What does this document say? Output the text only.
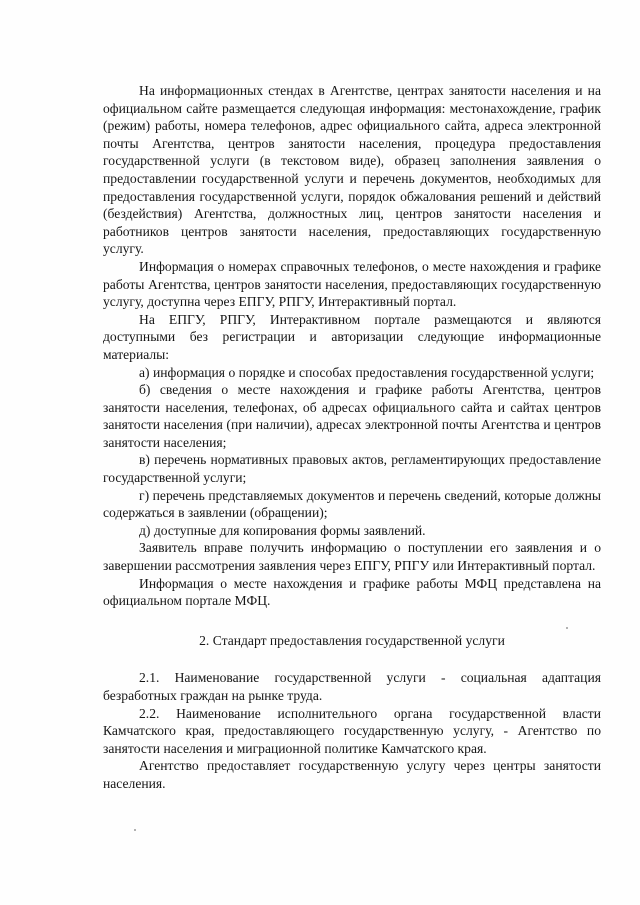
На информационных стендах в Агентстве, центрах занятости населения и на официальном сайте размещается следующая информация: местонахождение, график (режим) работы, номера телефонов, адрес официального сайта, адреса электронной почты Агентства, центров занятости населения, процедура предоставления государственной услуги (в текстовом виде), образец заполнения заявления о предоставлении государственной услуги и перечень документов, необходимых для предоставления государственной услуги, порядок обжалования решений и действий (бездействия) Агентства, должностных лиц, центров занятости населения и работников центров занятости населения, предоставляющих государственную услугу.

Информация о номерах справочных телефонов, о месте нахождения и графике работы Агентства, центров занятости населения, предоставляющих государственную услугу, доступна через ЕПГУ, РПГУ, Интерактивный портал.

На ЕПГУ, РПГУ, Интерактивном портале размещаются и являются доступными без регистрации и авторизации следующие информационные материалы:

а) информация о порядке и способах предоставления государственной услуги;

б) сведения о месте нахождения и графике работы Агентства, центров занятости населения, телефонах, об адресах официального сайта и сайтах центров занятости населения (при наличии), адресах электронной почты Агентства и центров занятости населения;

в) перечень нормативных правовых актов, регламентирующих предоставление государственной услуги;

г) перечень представляемых документов и перечень сведений, которые должны содержаться в заявлении (обращении);

д) доступные для копирования формы заявлений.

Заявитель вправе получить информацию о поступлении его заявления и о завершении рассмотрения заявления через ЕПГУ, РПГУ или Интерактивный портал.

Информация о месте нахождения и графике работы МФЦ представлена на официальном портале МФЦ.

2. Стандарт предоставления государственной услуги

2.1. Наименование государственной услуги - социальная адаптация безработных граждан на рынке труда.

2.2. Наименование исполнительного органа государственной власти Камчатского края, предоставляющего государственную услугу, - Агентство по занятости населения и миграционной политике Камчатского края.

Агентство предоставляет государственную услугу через центры занятости населения.
